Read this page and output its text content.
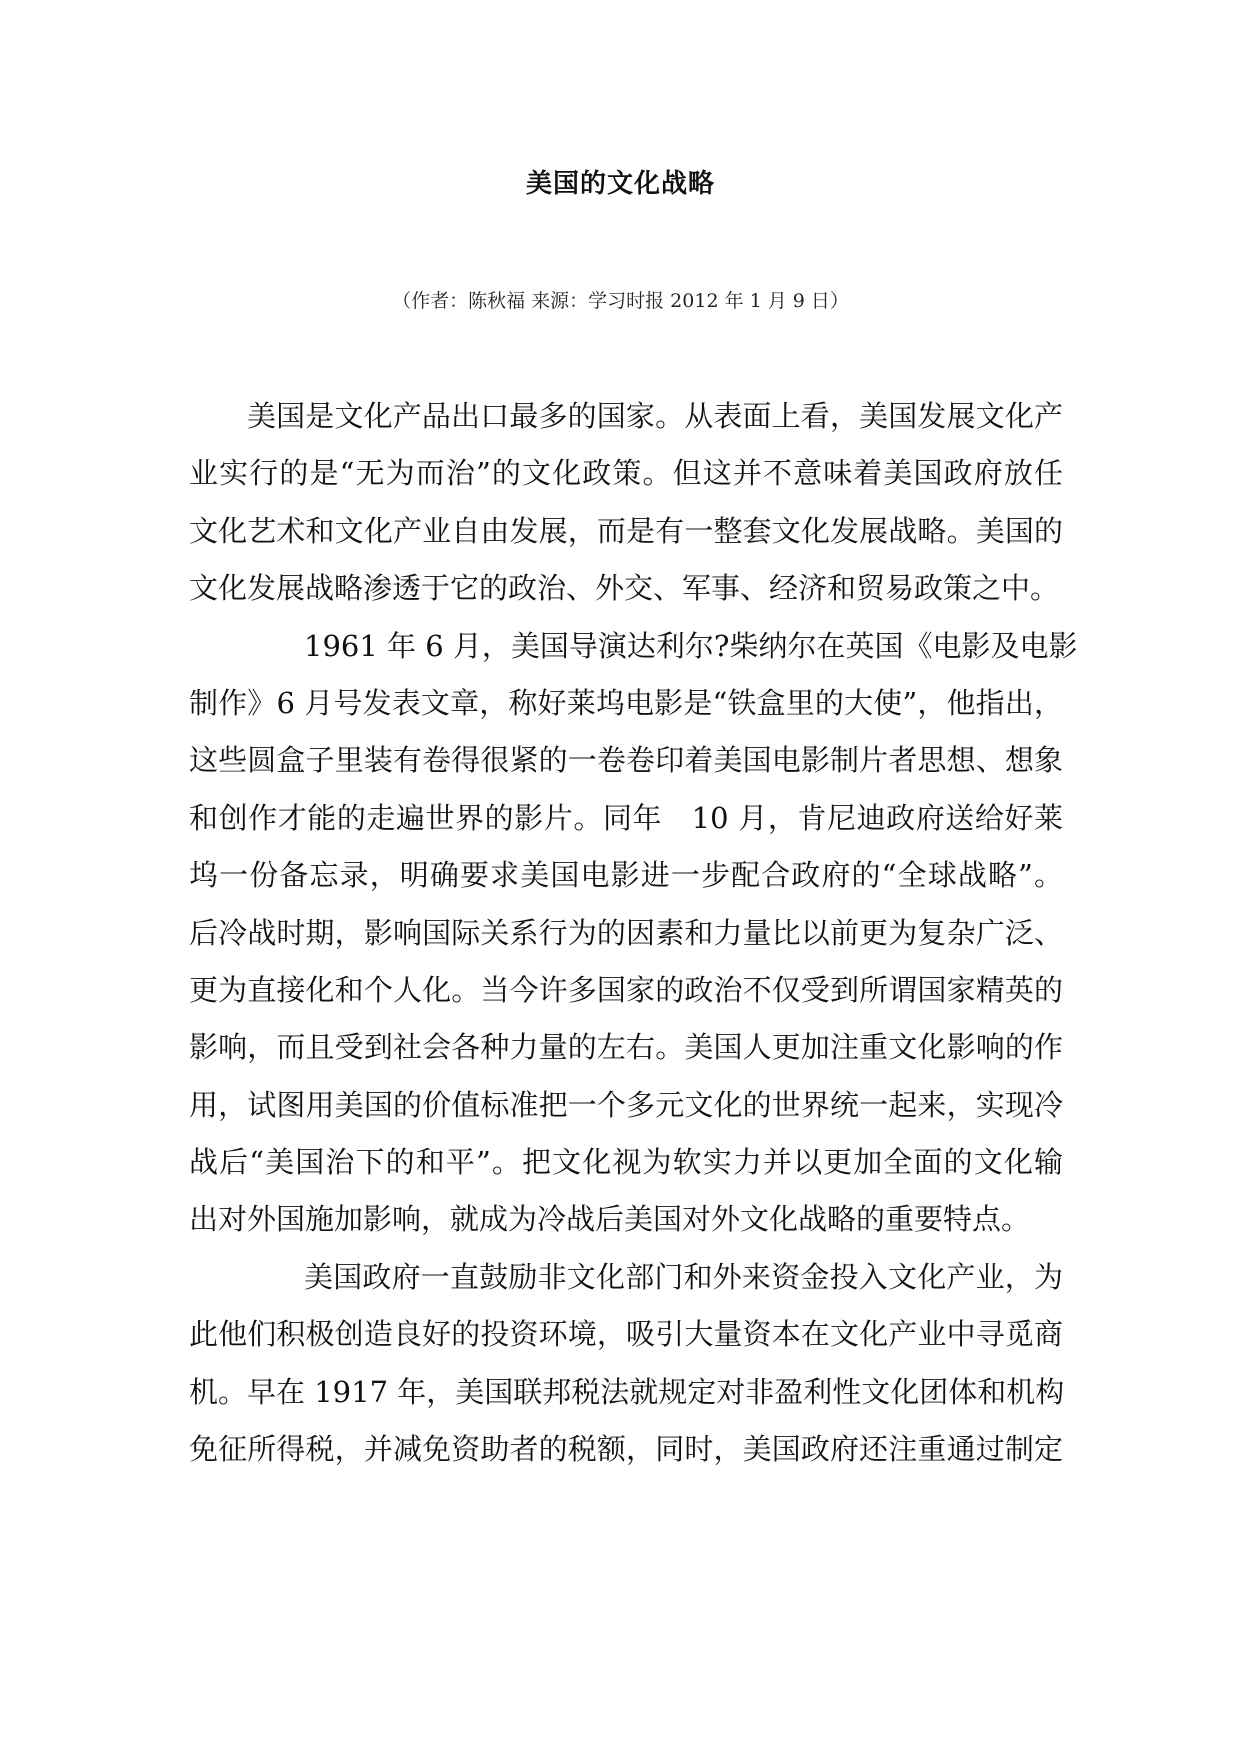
美国的文化战略

（作者：陈秋福 来源：学习时报 2012 年 1 月 9 日）

美国是文化产品出口最多的国家。从表面上看，美国发展文化产

业实行的是“无为而治”的文化政策。但这并不意味着美国政府放任

文化艺术和文化产业自由发展，而是有一整套文化发展战略。美国的

文化发展战略渗透于它的政治、外交、军事、经济和贸易政策之中。

1961 年 6 月，美国导演达利尔?柴纳尔在英国《电影及电影

制作》6 月号发表文章，称好莱坞电影是“铁盒里的大使”，他指出，

这些圆盒子里装有卷得很紧的一卷卷印着美国电影制片者思想、想象

和创作才能的走遍世界的影片。同年　10 月，肯尼迪政府送给好莱

坞一份备忘录，明确要求美国电影进一步配合政府的“全球战略”。

后冷战时期，影响国际关系行为的因素和力量比以前更为复杂广泛、

更为直接化和个人化。当今许多国家的政治不仅受到所谓国家精英的

影响，而且受到社会各种力量的左右。美国人更加注重文化影响的作

用，试图用美国的价值标准把一个多元文化的世界统一起来，实现冷

战后“美国治下的和平”。把文化视为软实力并以更加全面的文化输

出对外国施加影响，就成为冷战后美国对外文化战略的重要特点。

美国政府一直鼓励非文化部门和外来资金投入文化产业，为

此他们积极创造良好的投资环境，吸引大量资本在文化产业中寻觅商

机。早在 1917 年，美国联邦税法就规定对非盈利性文化团体和机构

免征所得税，并减免资助者的税额，同时，美国政府还注重通过制定
